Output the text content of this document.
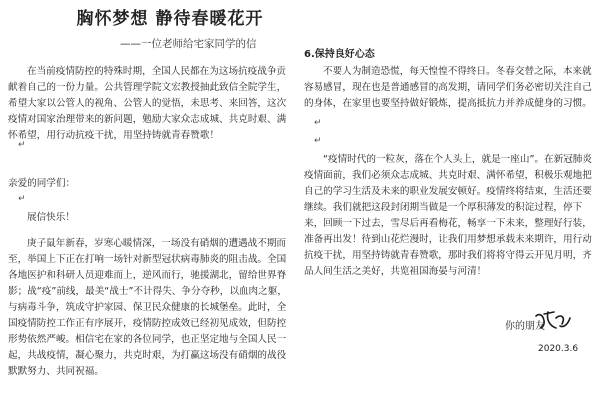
胸怀梦想 静待春暖花开
——一位老师给宅家同学的信

在当前疫情防控的特殊时期，全国人民都在为这场抗疫战争贡献着自己的一份力量。公共管理学院文宏教授抽此致信全院学生，希望大家以公管人的视角、公管人的觉悟，未思考、来回答，这次疫情对国家治理带来的新问题，勉励大家众志成城、共克时艰、满怀希望，用行动抗疫干扰，用坚持铸就青春赞歌！

↵

亲爱的同学们：

↵

展信快乐！

庚子鼠年新春，岁寒心暖情深，一场没有硝烟的遭遇战不期而至，举国上下正在打响一场针对新型冠状病毒肺炎的阻击战。全国各地医护和科研人员迎难而上，逆风而行，驰援湖北，留给世界脊影；战“疫”前线，最美“战士”不计得失、争分夺秒，以血肉之躯，与病毒斗争，筑成守护家园、保卫民众健康的长城堡垒。此时，全国疫情防控工作正有序展开，疫情防控成效已经初见成效，但防控形势依然严峻。相信宅在家的各位同学，也正坚定地与全国人民一起，共战疫情，凝心聚力，共克时艰，为打赢这场没有硝烟的战役默默努力、共同祝福。

6.保持良好心态

不要人为制造恐慌，每天惶惶不得终日。冬春交替之际，本来就容易感冒，现在也是普通感冒的高发期，请同学们务必密切关注自己的身体，在家里也要坚持做好锻炼，提高抵抗力并养成健身的习惯。

↵
↵

“疫情时代的一粒灰，落在个人头上，就是一座山”。在新冠肺炎疫情面前，我们必须众志成城、共克时艰、满怀希望，积极乐观地把自己的学习生活及未来的职业发展安顿好。疫情终将结束，生活还要继续。我们就把这段封闭期当做是一个厚积薄发的积淀过程，停下来，回顾一下过去，雪尽后再看梅花，畅享一下未来，整理好行装，准备再出发！待到山花烂漫时，让我们用梦想承载未来期许，用行动抗疫干扰，用坚持铸就青春赞歌，那时我们将将守得云开见月明，齐品人间生活之美好，共览祖国海晏与河清！

你的朋友
2020.3.6
